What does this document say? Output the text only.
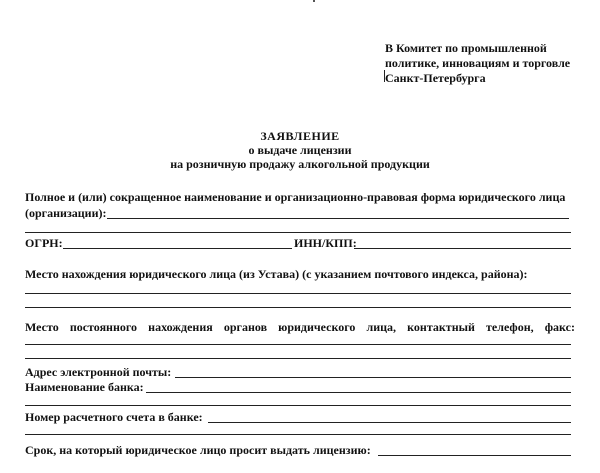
В Комитет по промышленной
политике, инновациям и торговле
Санкт-Петербурга
ЗАЯВЛЕНИЕ
о выдаче лицензии
на розничную продажу алкогольной продукции
Полное и (или) сокращенное наименование и организационно-правовая форма юридического лица
(организации):
ОГРН:	ИНН/КПП:
Место нахождения юридического лица (из Устава) (с указанием почтового индекса, района):
Место постоянного нахождения органов юридического лица, контактный телефон, факс:
Адрес электронной почты:
Наименование банка:
Номер расчетного счета в банке:
Срок, на который юридическое лицо просит выдать лицензию:
